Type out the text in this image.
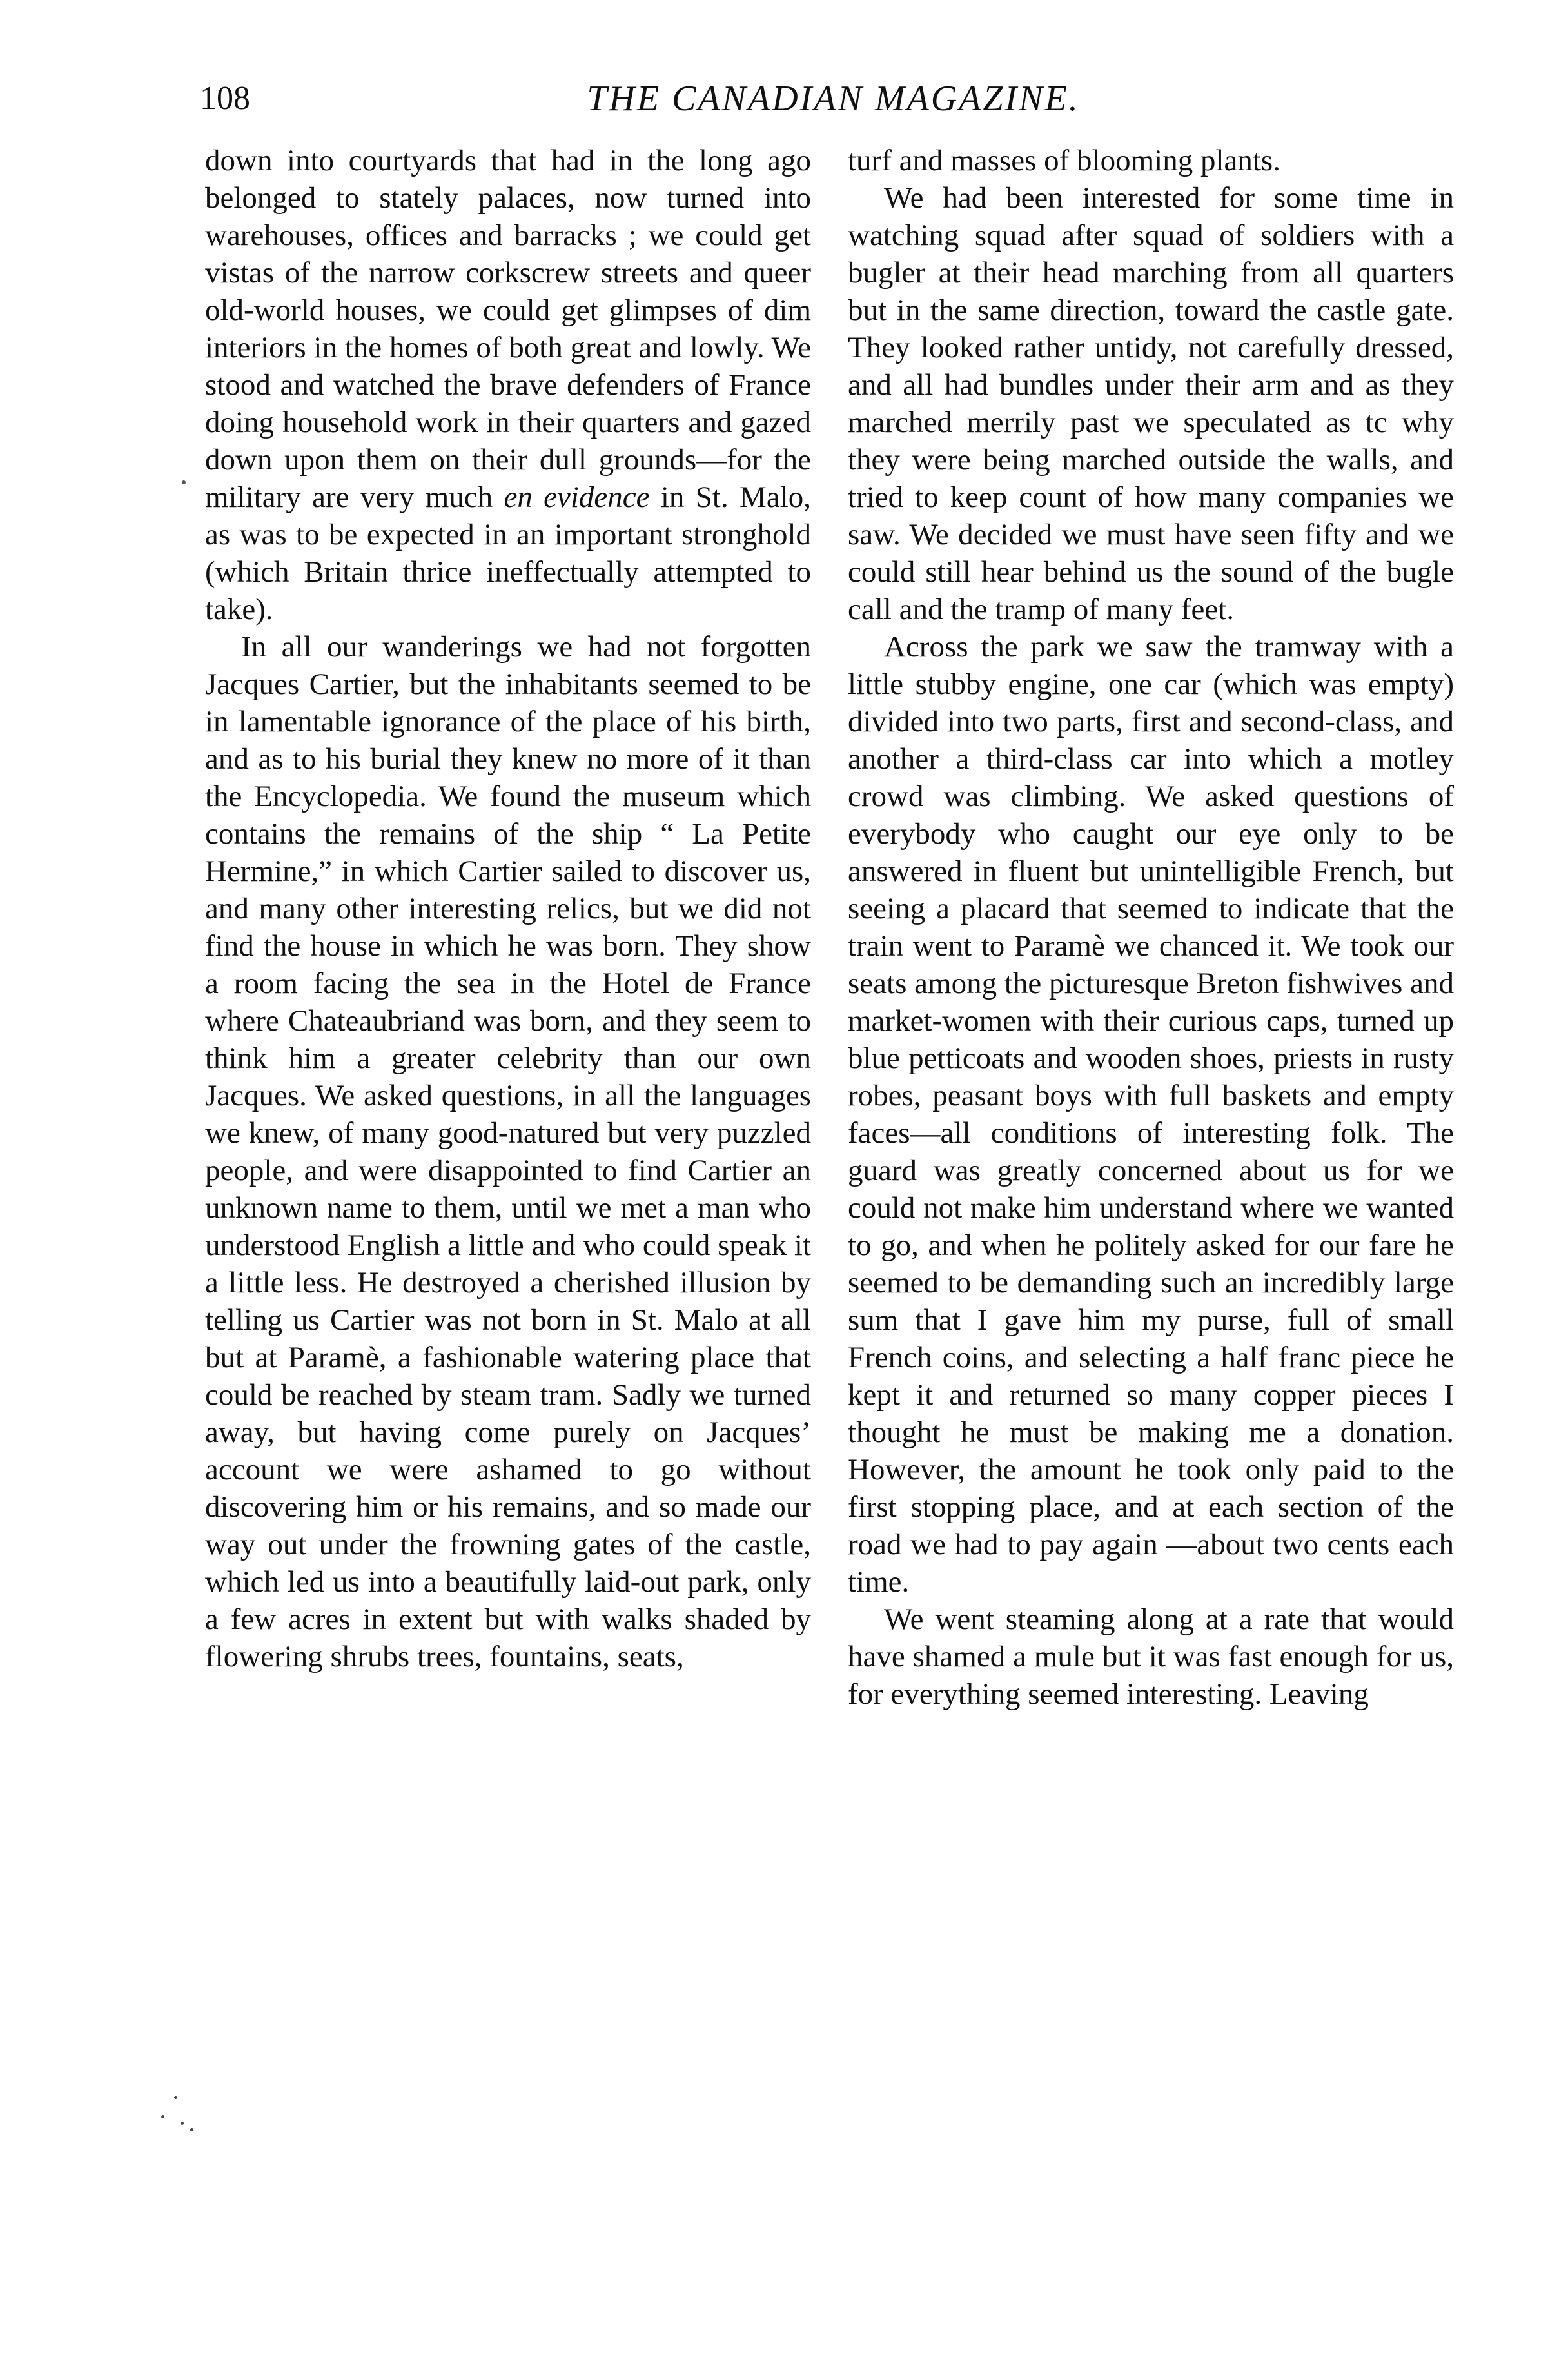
108	THE CANADIAN MAGAZINE.

down into courtyards that had in the long ago belonged to stately palaces, now turned into warehouses, offices and barracks ; we could get vistas of the narrow corkscrew streets and queer old-world houses, we could get glimpses of dim interiors in the homes of both great and lowly. We stood and watched the brave defenders of France doing household work in their quarters and gazed down upon them on their dull grounds—for the military are very much en evidence in St. Malo, as was to be expected in an important stronghold (which Britain thrice ineffectually attempted to take).

In all our wanderings we had not forgotten Jacques Cartier, but the inhabitants seemed to be in lamentable ignorance of the place of his birth, and as to his burial they knew no more of it than the Encyclopedia. We found the museum which contains the remains of the ship “ La Petite Hermine,” in which Cartier sailed to discover us, and many other interesting relics, but we did not find the house in which he was born. They show a room facing the sea in the Hotel de France where Chateaubriand was born, and they seem to think him a greater celebrity than our own Jacques. We asked questions, in all the languages we knew, of many good-natured but very puzzled people, and were disappointed to find Cartier an unknown name to them, until we met a man who understood English a little and who could speak it a little less. He destroyed a cherished illusion by telling us Cartier was not born in St. Malo at all but at Paramè, a fashionable watering place that could be reached by steam tram. Sadly we turned away, but having come purely on Jacques’ account we were ashamed to go without discovering him or his remains, and so made our way out under the frowning gates of the castle, which led us into a beautifully laid-out park, only a few acres in extent but with walks shaded by flowering shrubs trees, fountains, seats,

turf and masses of blooming plants.

We had been interested for some time in watching squad after squad of soldiers with a bugler at their head marching from all quarters but in the same direction, toward the castle gate. They looked rather untidy, not carefully dressed, and all had bundles under their arm and as they marched merrily past we speculated as tc why they were being marched outside the walls, and tried to keep count of how many companies we saw. We decided we must have seen fifty and we could still hear behind us the sound of the bugle call and the tramp of many feet.

Across the park we saw the tramway with a little stubby engine, one car (which was empty) divided into two parts, first and second-class, and another a third-class car into which a motley crowd was climbing. We asked questions of everybody who caught our eye only to be answered in fluent but unintelligible French, but seeing a placard that seemed to indicate that the train went to Paramè we chanced it. We took our seats among the picturesque Breton fishwives and market-women with their curious caps, turned up blue petticoats and wooden shoes, priests in rusty robes, peasant boys with full baskets and empty faces—all conditions of interesting folk. The guard was greatly concerned about us for we could not make him understand where we wanted to go, and when he politely asked for our fare he seemed to be demanding such an incredibly large sum that I gave him my purse, full of small French coins, and selecting a half franc piece he kept it and returned so many copper pieces I thought he must be making me a donation. However, the amount he took only paid to the first stopping place, and at each section of the road we had to pay again —about two cents each time.

We went steaming along at a rate that would have shamed a mule but it was fast enough for us, for everything seemed interesting. Leaving
